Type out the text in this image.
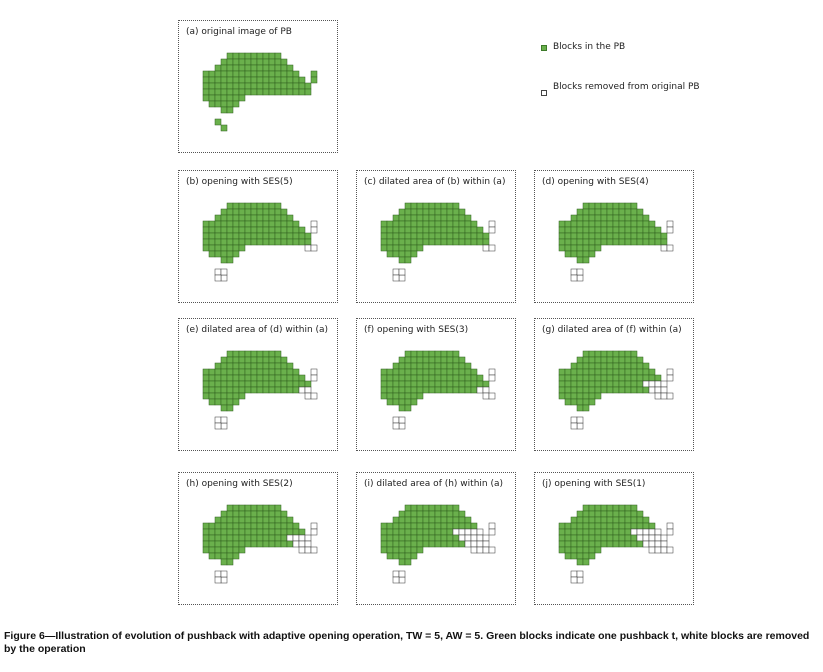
Blocks in the PB
Blocks removed from original PB
(a) original image of PB
(b) opening with SES(5)	(c) dilated area of (b) within (a)	(d) opening with SES(4)
(e) dilated area of (d) within (a)	(f) opening with SES(3)	(g) dilated area of (f) within (a)
(h) opening with SES(2)	(i) dilated area of (h) within (a)	(j) opening with SES(1)
Figure 6—Illustration of evolution of pushback with adaptive opening operation, TW = 5, AW = 5. Green blocks indicate one pushback t, white blocks are removed by the operation
